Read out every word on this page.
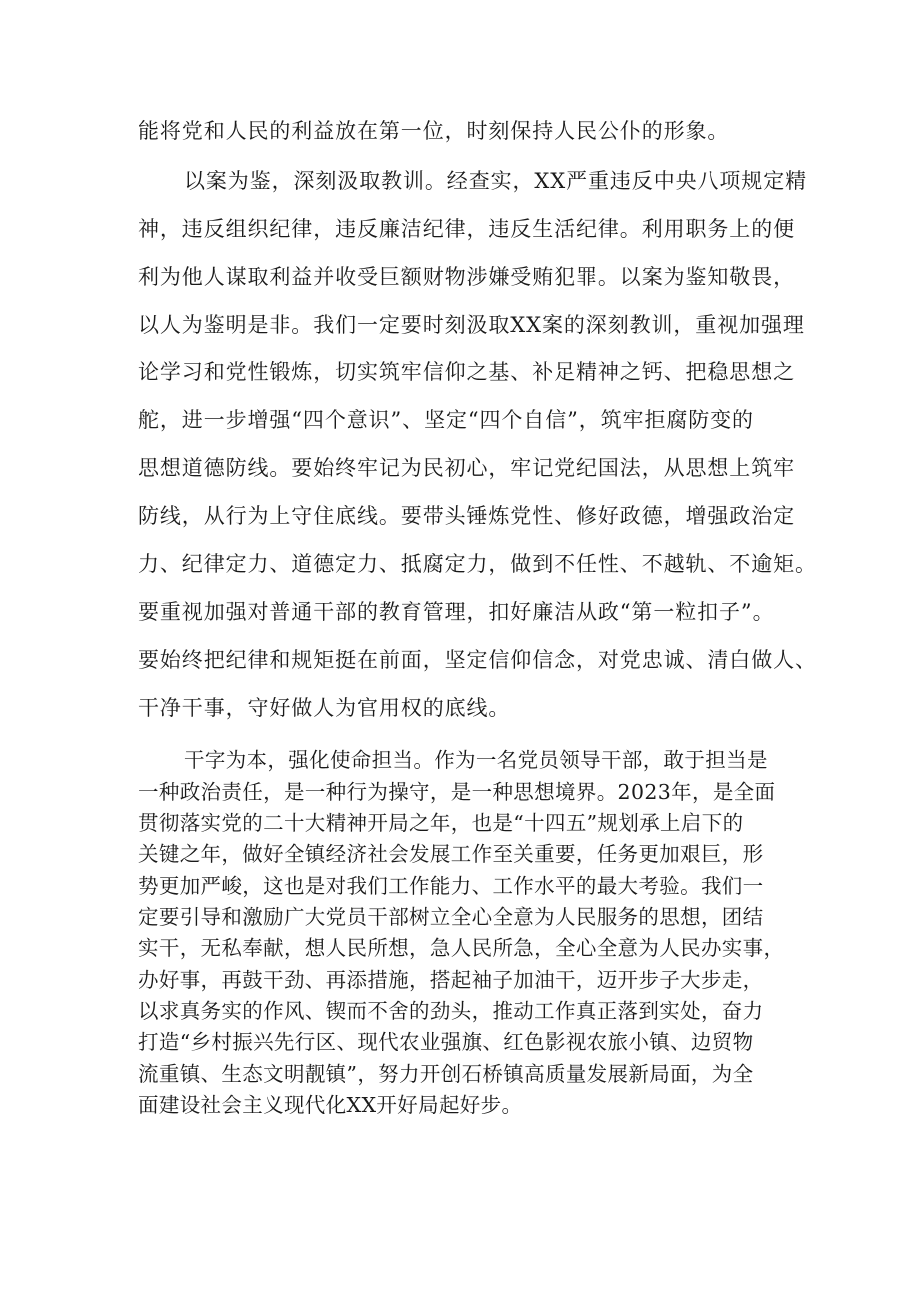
能将党和人民的利益放在第一位，时刻保持人民公仆的形象。

以案为鉴，深刻汲取教训。经查实，XX严重违反中央八项规定精

神，违反组织纪律，违反廉洁纪律，违反生活纪律。利用职务上的便

利为他人谋取利益并收受巨额财物涉嫌受贿犯罪。以案为鉴知敬畏，

以人为鉴明是非。我们一定要时刻汲取XX案的深刻教训，重视加强理

论学习和党性锻炼，切实筑牢信仰之基、补足精神之钙、把稳思想之

舵，进一步增强“四个意识”、坚定“四个自信”，筑牢拒腐防变的

思想道德防线。要始终牢记为民初心，牢记党纪国法，从思想上筑牢

防线，从行为上守住底线。要带头锤炼党性、修好政德，增强政治定

力、纪律定力、道德定力、抵腐定力，做到不任性、不越轨、不逾矩。

要重视加强对普通干部的教育管理，扣好廉洁从政“第一粒扣子”。

要始终把纪律和规矩挺在前面，坚定信仰信念，对党忠诚、清白做人、

干净干事，守好做人为官用权的底线。

干字为本，强化使命担当。作为一名党员领导干部，敢于担当是

一种政治责任，是一种行为操守，是一种思想境界。2023年，是全面

贯彻落实党的二十大精神开局之年，也是“十四五”规划承上启下的

关键之年，做好全镇经济社会发展工作至关重要，任务更加艰巨，形

势更加严峻，这也是对我们工作能力、工作水平的最大考验。我们一

定要引导和激励广大党员干部树立全心全意为人民服务的思想，团结

实干，无私奉献，想人民所想，急人民所急，全心全意为人民办实事，

办好事，再鼓干劲、再添措施，搭起袖子加油干，迈开步子大步走，

以求真务实的作风、锲而不舍的劲头，推动工作真正落到实处，奋力

打造“乡村振兴先行区、现代农业强旗、红色影视农旅小镇、边贸物

流重镇、生态文明靓镇”，努力开创石桥镇高质量发展新局面，为全

面建设社会主义现代化XX开好局起好步。
